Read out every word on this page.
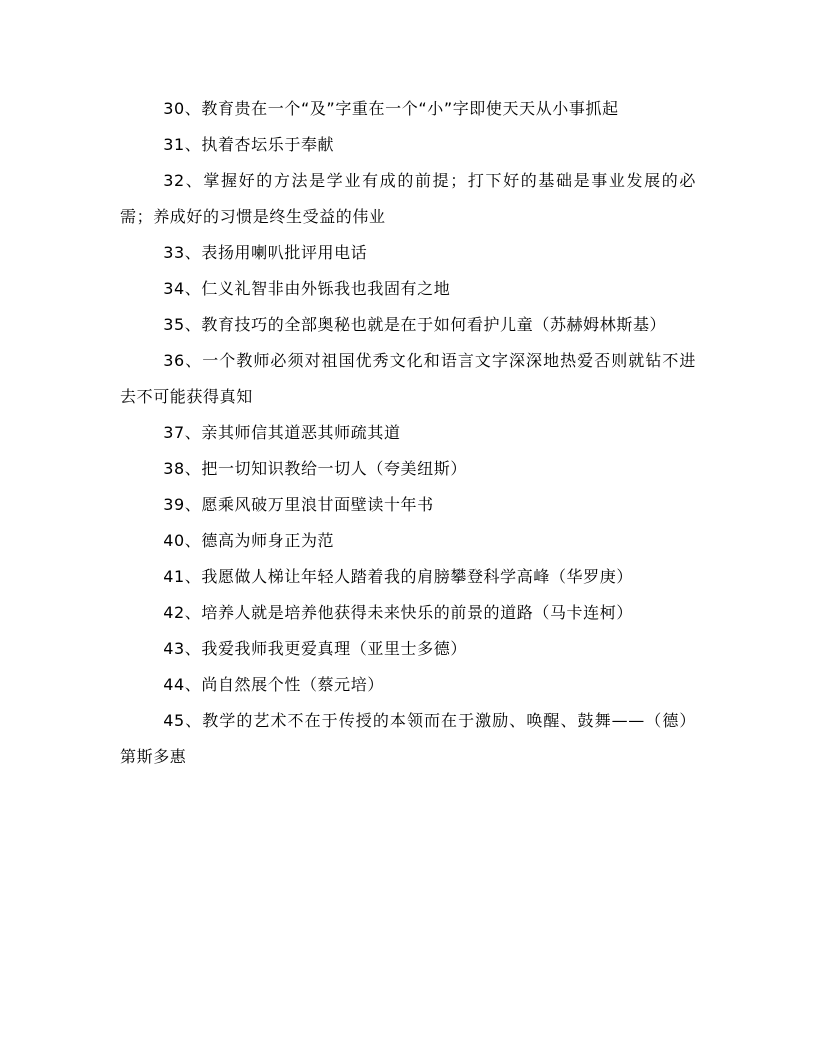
30、教育贵在一个“及”字重在一个“小”字即使天天从小事抓起

31、执着杏坛乐于奉献

32、掌握好的方法是学业有成的前提；打下好的基础是事业发展的必需；养成好的习惯是终生受益的伟业

33、表扬用喇叭批评用电话

34、仁义礼智非由外铄我也我固有之地

35、教育技巧的全部奥秘也就是在于如何看护儿童（苏赫姆林斯基）

36、一个教师必须对祖国优秀文化和语言文字深深地热爱否则就钻不进去不可能获得真知

37、亲其师信其道恶其师疏其道

38、把一切知识教给一切人（夸美纽斯）

39、愿乘风破万里浪甘面壁读十年书

40、德高为师身正为范

41、我愿做人梯让年轻人踏着我的肩膀攀登科学高峰（华罗庚）

42、培养人就是培养他获得未来快乐的前景的道路（马卡连柯）

43、我爱我师我更爱真理（亚里士多德）

44、尚自然展个性（蔡元培）

45、教学的艺术不在于传授的本领而在于激励、唤醒、鼓舞——（德）第斯多惠
